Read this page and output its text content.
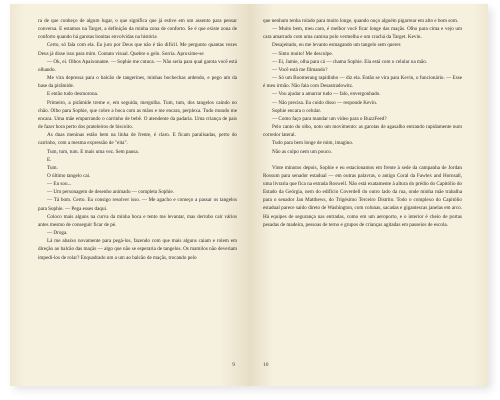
ra de que conheço de algum lugar, o que significa que já estive em um assento para pensar conversa. E estamos na Target, a definição da minha zona de conforto. Se é que existe zona de conforto quando há garotas bonitas envolvidas na história

Certo, só fala com ela. Eu juro por Deus que não é tão difícil. Me pergunto quantas vezes Deus já disse isso para mim. Contato visual. Quebre o gelo. Sorria. Aproxime-se

— Ok, ei. Olhos Apaixonante. — Sophie me cutuca. — Não seria para qual garota você está olhando.

Me vira depressa para o balcão de tangerines, minhas bochechas ardendo, e pego um da base da pirâmide.

E então tudo desmorona.

Primeiro, a pirâmide treme e, em seguida, mergulha. Tum, tum, dos tangelos caindo no chão. Olho para Sophie, que cobre a boca com as mãos e me encara, perplexa. Tudo mundo me encara. Uma mãe empurrando o carrinho de bebê. O atendente da padaria. Uma criança de pais de fazer hora perto dos prateleiros de biscoito.

As duas meninas estão bem na linha de frente, é claro. E ficam paralisadas, perto do carrinho, com a mesma expressão de "eita".

Tum, tum, tum. E mais uma vez. Sem pausa.

E.

Tum.

O último tangelo cai.

— Eu sou...

— Um personagem de desenho animado — completa Sophie.

— Tá bom. Certo. Eu consigo resolver isso. — Me agacho e começo a passar os tangelos para Sophie. — Pega esses daqui.

Coloco mais alguns na curva da minha boca e tento me levantar, mas derrubo cair vários antes mesmo de conseguir ficar de pé.

— Droga.

Lá me abaixo novamente para pegá-los, fazendo com que mais alguns caiam e rolem em direção ao balcão das maçãs — algo que não se esperaria de tangelos. Os mamilos não deveriam impedi-los de rolar? Enquadrado um a um ao balcão de maçãs, trocando pelo

9

que nenhum tenha rolado para muito longe, quando ouço alguém pigarrear em alto e bom som.

— Muito bem, meu caro, é melhor você ficar longe das maçãs. Olho para cima e vejo um cara amarrado com uma camisa polo vermelha e um crachá da Target. Kevin.

Desajeitado, eu me levanto esmagando um tangelo sem querer.

— Sinto muito! Me desculpe.

— Ei, Jamie, olha para cá — chama Sophie. Ela está com o celular na mão.

— Você está me filmando?

— Só um Boomerang rapidinho — diz ela. Então se vira para Kevin, o funcionário. — Esse é meu irmão. Não fala com Desastradowitz.

— Vou ajudar a amarrar tudo — falo, envergonhado.

— Não precisa. Eu cuido disso — responde Kevin.

Sophie encara o celular.

— Como faço para mandar um vídeo para o BuzzFeed?

Pelo canto do olho, noto um movimento: as garotas de agasalho entrando rapidamente num corredor lateral.

Tudo para bem longe de mim, imagino.

Não as culpo nem um pouco.

Vinte minutos depois, Sophie e eu estacionamos em frente à sede da campanha de Jordan Rossum para senador estadual — em outras palavras, o antigo Coral da Fawlex and Hornsall, uma livraria que fica na estrada Roswell. Não está exatamente à altura do prédio do Capitólio do Estado da Geórgia, nem do edifício Coverdell do outro lado da rua, onde minha mãe trabalha para o senador Jan Matthews, do Trigésimo Terceiro Distrito. Todo o complexo do Capitólio estadual parece saído direto de Washington, com colunas, sacadas e gigantescas janelas em arco. Há equipes de segurança nas entradas, como em um aeroporto, e o interior é cheio de portas pesadas de madeira, pessoas de terno e grupos de crianças agitadas em passeios de escola.

10
